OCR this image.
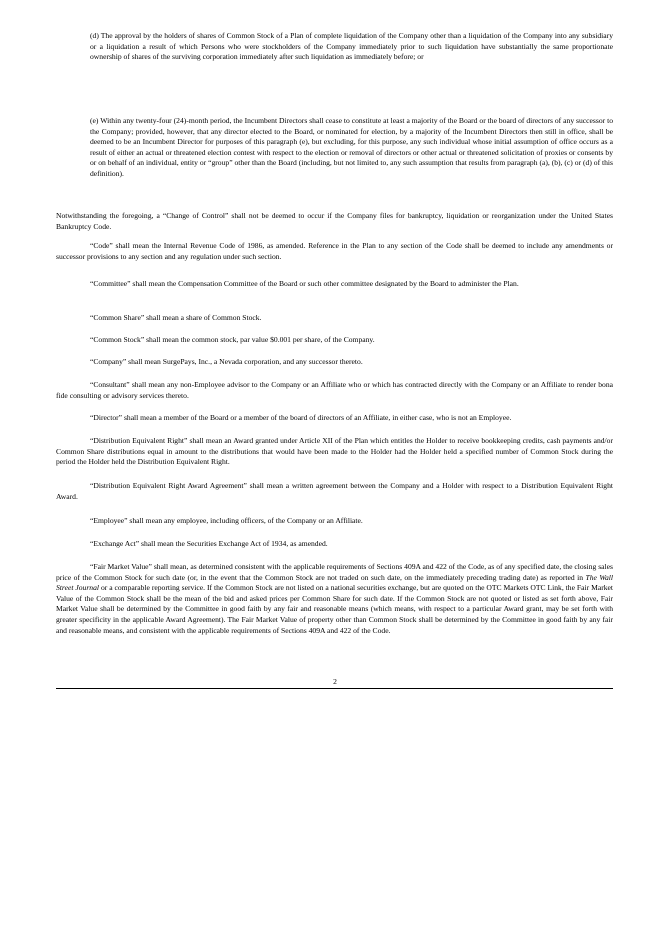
(d) The approval by the holders of shares of Common Stock of a Plan of complete liquidation of the Company other than a liquidation of the Company into any subsidiary or a liquidation a result of which Persons who were stockholders of the Company immediately prior to such liquidation have substantially the same proportionate ownership of shares of the surviving corporation immediately after such liquidation as immediately before; or

(e) Within any twenty-four (24)-month period, the Incumbent Directors shall cease to constitute at least a majority of the Board or the board of directors of any successor to the Company; provided, however, that any director elected to the Board, or nominated for election, by a majority of the Incumbent Directors then still in office, shall be deemed to be an Incumbent Director for purposes of this paragraph (e), but excluding, for this purpose, any such individual whose initial assumption of office occurs as a result of either an actual or threatened election contest with respect to the election or removal of directors or other actual or threatened solicitation of proxies or consents by or on behalf of an individual, entity or “group” other than the Board (including, but not limited to, any such assumption that results from paragraph (a), (b), (c) or (d) of this definition).

Notwithstanding the foregoing, a “Change of Control” shall not be deemed to occur if the Company files for bankruptcy, liquidation or reorganization under the United States Bankruptcy Code.

“Code” shall mean the Internal Revenue Code of 1986, as amended. Reference in the Plan to any section of the Code shall be deemed to include any amendments or successor provisions to any section and any regulation under such section.

“Committee” shall mean the Compensation Committee of the Board or such other committee designated by the Board to administer the Plan.

“Common Share” shall mean a share of Common Stock.

“Common Stock” shall mean the common stock, par value $0.001 per share, of the Company.

“Company” shall mean SurgePays, Inc., a Nevada corporation, and any successor thereto.

“Consultant” shall mean any non-Employee advisor to the Company or an Affiliate who or which has contracted directly with the Company or an Affiliate to render bona fide consulting or advisory services thereto.

“Director” shall mean a member of the Board or a member of the board of directors of an Affiliate, in either case, who is not an Employee.

“Distribution Equivalent Right” shall mean an Award granted under Article XII of the Plan which entitles the Holder to receive bookkeeping credits, cash payments and/or Common Share distributions equal in amount to the distributions that would have been made to the Holder had the Holder held a specified number of Common Stock during the period the Holder held the Distribution Equivalent Right.

“Distribution Equivalent Right Award Agreement” shall mean a written agreement between the Company and a Holder with respect to a Distribution Equivalent Right Award.

“Employee” shall mean any employee, including officers, of the Company or an Affiliate.

“Exchange Act” shall mean the Securities Exchange Act of 1934, as amended.

“Fair Market Value” shall mean, as determined consistent with the applicable requirements of Sections 409A and 422 of the Code, as of any specified date, the closing sales price of the Common Stock for such date (or, in the event that the Common Stock are not traded on such date, on the immediately preceding trading date) as reported in The Wall Street Journal or a comparable reporting service. If the Common Stock are not listed on a national securities exchange, but are quoted on the OTC Markets OTC Link, the Fair Market Value of the Common Stock shall be the mean of the bid and asked prices per Common Share for such date. If the Common Stock are not quoted or listed as set forth above, Fair Market Value shall be determined by the Committee in good faith by any fair and reasonable means (which means, with respect to a particular Award grant, may be set forth with greater specificity in the applicable Award Agreement). The Fair Market Value of property other than Common Stock shall be determined by the Committee in good faith by any fair and reasonable means, and consistent with the applicable requirements of Sections 409A and 422 of the Code.

2
